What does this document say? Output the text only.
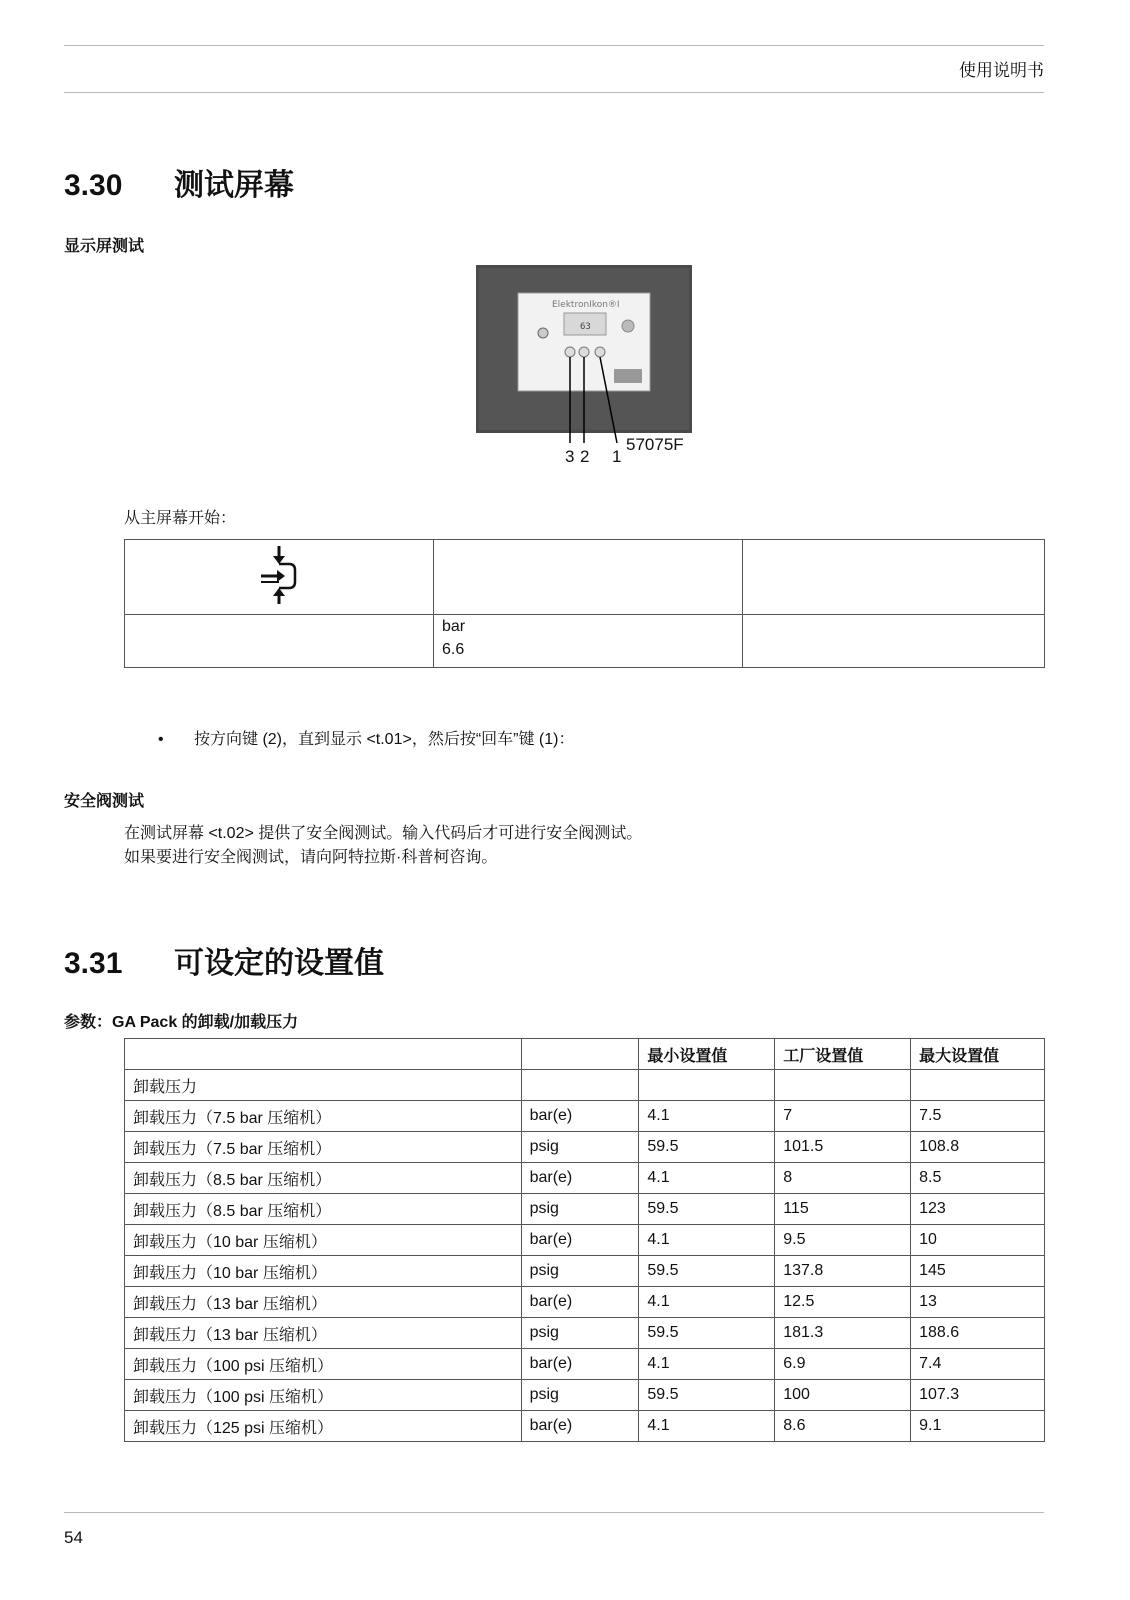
使用说明书
3.30 测试屏幕
显示屏测试
ElektronIkon®I
63
3 2 1
57075F
从主屏幕开始：

	bar
6.6	

• 按方向键 (2)，直到显示 <t.01>，然后按“回车”键 (1)：
安全阀测试
在测试屏幕 <t.02> 提供了安全阀测试。输入代码后才可进行安全阀测试。
如果要进行安全阀测试，请向阿特拉斯·科普柯咨询。
3.31 可设定的设置值
参数：GA Pack 的卸载/加载压力
		最小设置值	工厂设置值	最大设置值
卸载压力				
卸载压力（7.5 bar 压缩机）	bar(e)	4.1	7	7.5
卸载压力（7.5 bar 压缩机）	psig	59.5	101.5	108.8
卸载压力（8.5 bar 压缩机）	bar(e)	4.1	8	8.5
卸载压力（8.5 bar 压缩机）	psig	59.5	115	123
卸载压力（10 bar 压缩机）	bar(e)	4.1	9.5	10
卸载压力（10 bar 压缩机）	psig	59.5	137.8	145
卸载压力（13 bar 压缩机）	bar(e)	4.1	12.5	13
卸载压力（13 bar 压缩机）	psig	59.5	181.3	188.6
卸载压力（100 psi 压缩机）	bar(e)	4.1	6.9	7.4
卸载压力（100 psi 压缩机）	psig	59.5	100	107.3
卸载压力（125 psi 压缩机）	bar(e)	4.1	8.6	9.1
54
